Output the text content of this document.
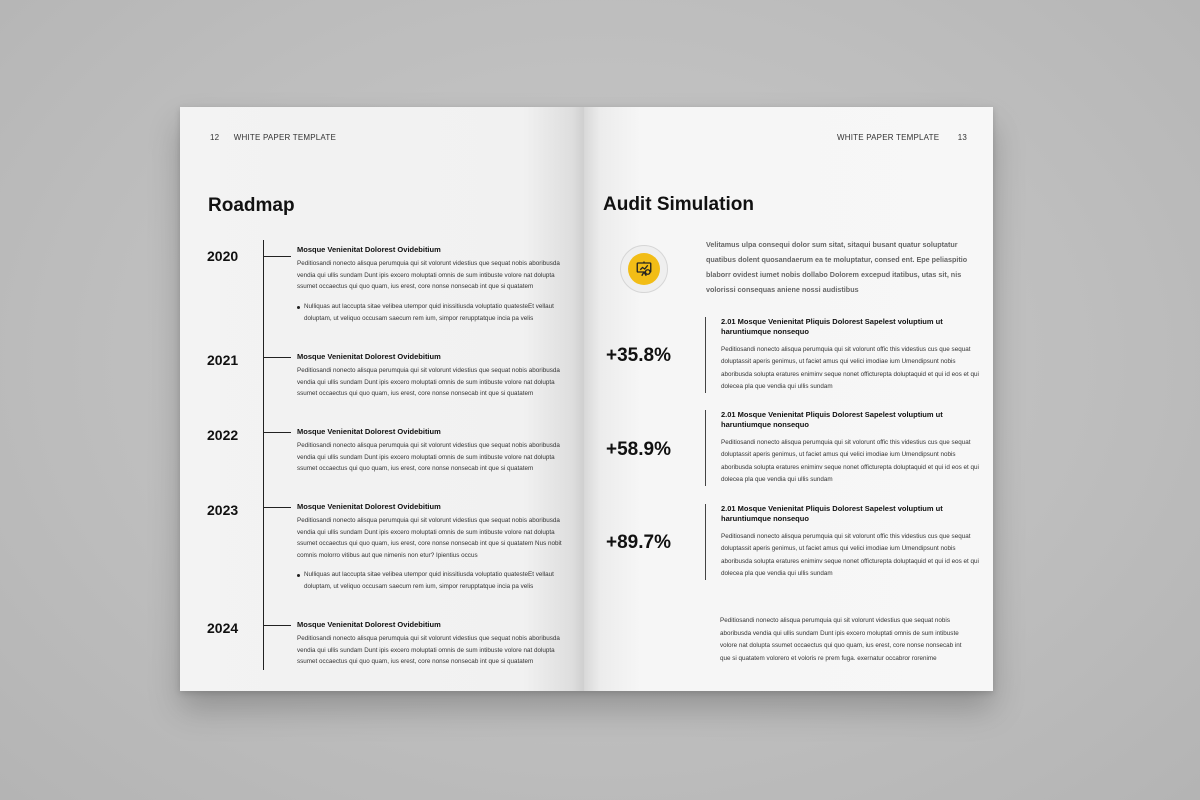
12 WHITE PAPER TEMPLATE
Roadmap
2020	Mosque Venienitat Dolorest Ovidebitium
Peditiosandi nonecto alisqua perumquia qui sit volorunt videstius que sequat nobis aboribusda vendia qui ullis sundam Dunt ipis excero moluptati omnis de sum intibuste volore nat dolupta ssumet occaectus qui quo quam, ius erest, core nonse nonsecab int que si quatatem
Nulliquas aut laccupta sitae velibea utempor quid inissitiusda voluptatio quatesteEt vellaut doluptam, ut veliquo occusam saecum rem ium, simpor rerupptatque incia pa velis
2021	Mosque Venienitat Dolorest Ovidebitium
Peditiosandi nonecto alisqua perumquia qui sit volorunt videstius que sequat nobis aboribusda vendia qui ullis sundam Dunt ipis excero moluptati omnis de sum intibuste volore nat dolupta ssumet occaectus qui quo quam, ius erest, core nonse nonsecab int que si quatatem
2022	Mosque Venienitat Dolorest Ovidebitium
Peditiosandi nonecto alisqua perumquia qui sit volorunt videstius que sequat nobis aboribusda vendia qui ullis sundam Dunt ipis excero moluptati omnis de sum intibuste volore nat dolupta ssumet occaectus qui quo quam, ius erest, core nonse nonsecab int que si quatatem
2023	Mosque Venienitat Dolorest Ovidebitium
Peditiosandi nonecto alisqua perumquia qui sit volorunt videstius que sequat nobis aboribusda vendia qui ullis sundam Dunt ipis excero moluptati omnis de sum intibuste volore nat dolupta ssumet occaectus qui quo quam, ius erest, core nonse nonsecab int que si quatatem Nus nobit comnis molorro vitibus aut que nimenis non etur? Ipientius occus
Nulliquas aut laccupta sitae velibea utempor quid inissitiusda voluptatio quatesteEt vellaut doluptam, ut veliquo occusam saecum rem ium, simpor rerupptatque incia pa velis
2024	Mosque Venienitat Dolorest Ovidebitium
Peditiosandi nonecto alisqua perumquia qui sit volorunt videstius que sequat nobis aboribusda vendia qui ullis sundam Dunt ipis excero moluptati omnis de sum intibuste volore nat dolupta ssumet occaectus qui quo quam, ius erest, core nonse nonsecab int que si quatatem
WHITE PAPER TEMPLATE 13
Audit Simulation
Velitamus ulpa consequi dolor sum sitat, sitaqui busant quatur soluptatur quatibus dolent quosandaerum ea te moluptatur, consed ent. Epe peliaspitio blaborr ovidest iumet nobis dollabo Dolorem excepud itatibus, utas sit, nis volorissi consequas aniene nossi audistibus
+35.8%
2.01 Mosque Venienitat Pliquis Dolorest Sapelest voluptium ut haruntiumque nonsequo
Peditiosandi nonecto alisqua perumquia qui sit volorunt offic this videstius cus que sequat doluptassit aperis genimus, ut faciet amus qui velici imodiae ium Umendipsunt nobis aboribusda solupta eratures eniminv seque nonet officturepta doluptaquid et qui id eos et qui dolecea pla que vendia qui ullis sundam
+58.9%
2.01 Mosque Venienitat Pliquis Dolorest Sapelest voluptium ut haruntiumque nonsequo
Peditiosandi nonecto alisqua perumquia qui sit volorunt offic this videstius cus que sequat doluptassit aperis genimus, ut faciet amus qui velici imodiae ium Umendipsunt nobis aboribusda solupta eratures eniminv seque nonet officturepta doluptaquid et qui id eos et qui dolecea pla que vendia qui ullis sundam
+89.7%
2.01 Mosque Venienitat Pliquis Dolorest Sapelest voluptium ut haruntiumque nonsequo
Peditiosandi nonecto alisqua perumquia qui sit volorunt offic this videstius cus que sequat doluptassit aperis genimus, ut faciet amus qui velici imodiae ium Umendipsunt nobis aboribusda solupta eratures eniminv seque nonet officturepta doluptaquid et qui id eos et qui dolecea pla que vendia qui ullis sundam
Peditiosandi nonecto alisqua perumquia qui sit volorunt videstius que sequat nobis aboribusda vendia qui ullis sundam Dunt ipis excero moluptati omnis de sum intibuste volore nat dolupta ssumet occaectus qui quo quam, ius erest, core nonse nonsecab int que si quatatem volorero et voloris re prem fuga. exernatur occabror rorenime
